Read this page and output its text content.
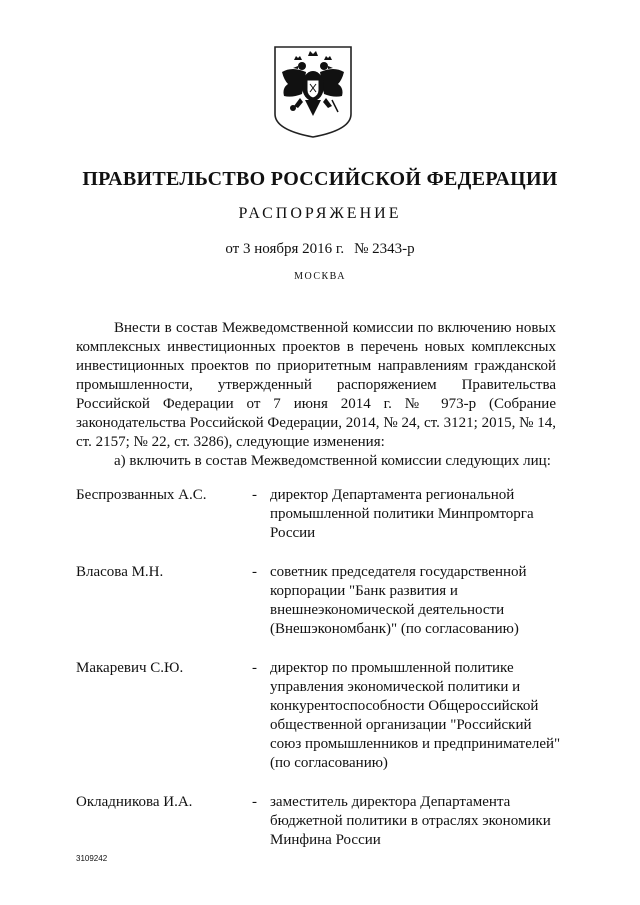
ПРАВИТЕЛЬСТВО РОССИЙСКОЙ ФЕДЕРАЦИИ
РАСПОРЯЖЕНИЕ
от 3 ноября 2016 г. № 2343-р
МОСКВА

Внести в состав Межведомственной комиссии по включению новых комплексных инвестиционных проектов в перечень новых комплексных инвестиционных проектов по приоритетным направлениям гражданской промышленности, утвержденный распоряжением Правительства Российской Федерации от 7 июня 2014 г. № 973-р (Собрание законодательства Российской Федерации, 2014, № 24, ст. 3121; 2015, № 14, ст. 2157; № 22, ст. 3286), следующие изменения:

а) включить в состав Межведомственной комиссии следующих лиц:

Беспрозванных А.С.	- директор Департамента региональной промышленной политики Минпромторга России
Власова М.Н.	- советник председателя государственной корпорации "Банк развития и внешнеэкономической деятельности (Внешэкономбанк)" (по согласованию)
Макаревич С.Ю.	- директор по промышленной политике управления экономической политики и конкурентоспособности Общероссийской общественной организации "Российский союз промышленников и предпринимателей" (по согласованию)
Окладникова И.А.	- заместитель директора Департамента бюджетной политики в отраслях экономики Минфина России
3109242
